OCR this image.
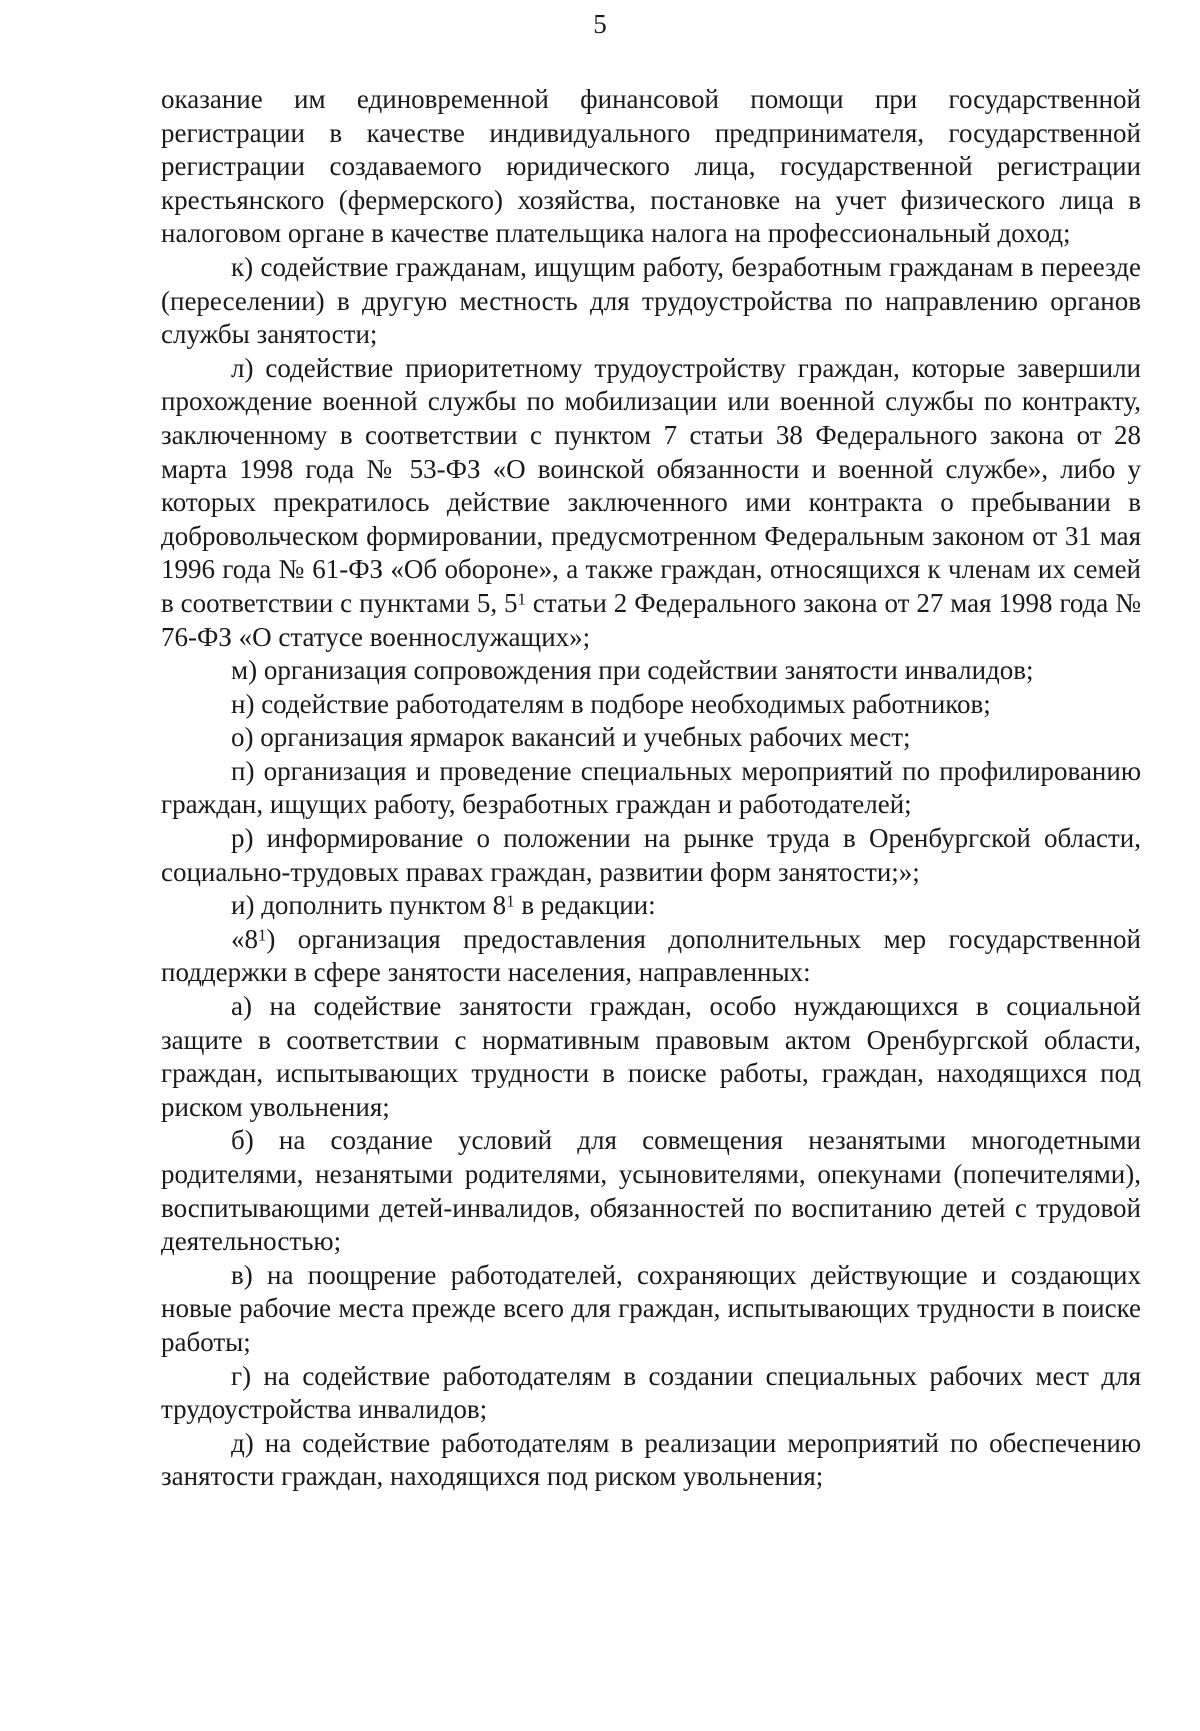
5

оказание им единовременной финансовой помощи при государственной регистрации в качестве индивидуального предпринимателя, государственной регистрации создаваемого юридического лица, государственной регистрации крестьянского (фермерского) хозяйства, постановке на учет физического лица в налоговом органе в качестве плательщика налога на профессиональный доход;

к) содействие гражданам, ищущим работу, безработным гражданам в переезде (переселении) в другую местность для трудоустройства по направлению органов службы занятости;

л) содействие приоритетному трудоустройству граждан, которые завершили прохождение военной службы по мобилизации или военной службы по контракту, заключенному в соответствии с пунктом 7 статьи 38 Федерального закона от 28 марта 1998 года № 53-ФЗ «О воинской обязанности и военной службе», либо у которых прекратилось действие заключенного ими контракта о пребывании в добровольческом формировании, предусмотренном Федеральным законом от 31 мая 1996 года № 61-ФЗ «Об обороне», а также граждан, относящихся к членам их семей в соответствии с пунктами 5, $5^1$ статьи 2 Федерального закона от 27 мая 1998 года № 76-ФЗ «О статусе военнослужащих»;

м) организация сопровождения при содействии занятости инвалидов;

н) содействие работодателям в подборе необходимых работников;

о) организация ярмарок вакансий и учебных рабочих мест;

п) организация и проведение специальных мероприятий по профилированию граждан, ищущих работу, безработных граждан и работодателей;

р) информирование о положении на рынке труда в Оренбургской области, социально-трудовых правах граждан, развитии форм занятости;»;

и) дополнить пунктом $8^1$ в редакции:

«$8^1$) организация предоставления дополнительных мер государственной поддержки в сфере занятости населения, направленных:

а) на содействие занятости граждан, особо нуждающихся в социальной защите в соответствии с нормативным правовым актом Оренбургской области, граждан, испытывающих трудности в поиске работы, граждан, находящихся под риском увольнения;

б) на создание условий для совмещения незанятыми многодетными родителями, незанятыми родителями, усыновителями, опекунами (попечителями), воспитывающими детей-инвалидов, обязанностей по воспитанию детей с трудовой деятельностью;

в) на поощрение работодателей, сохраняющих действующие и создающих новые рабочие места прежде всего для граждан, испытывающих трудности в поиске работы;

г) на содействие работодателям в создании специальных рабочих мест для трудоустройства инвалидов;

д) на содействие работодателям в реализации мероприятий по обеспечению занятости граждан, находящихся под риском увольнения;
